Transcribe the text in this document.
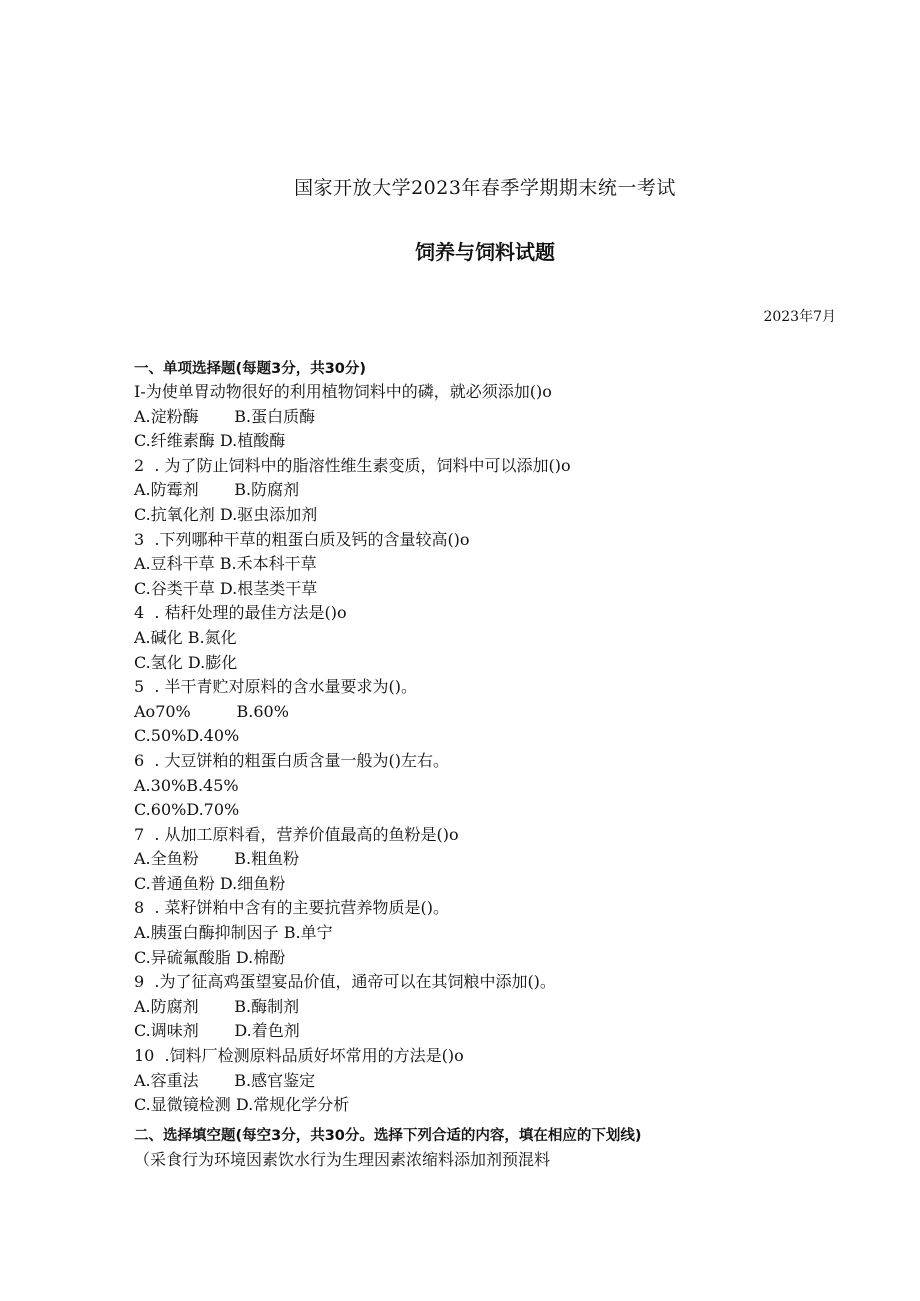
国家开放大学2023年春季学期期末统一考试
饲养与饲料试题
2023年7月
一、单项选择题(每题3分，共30分)
I-为使单胃动物很好的利用植物饲料中的磷，就必须添加()o
A.淀粉酶       B.蛋白质酶
C.纤维素酶 D.植酸酶
2  . 为了防止饲料中的脂溶性维生素变质，饲料中可以添加()o
A.防霉剂       B.防腐剂
C.抗氧化剂 D.驱虫添加剂
3  .下列哪种干草的粗蛋白质及钙的含量较高()o
A.豆科干草 B.禾本科干草
C.谷类干草 D.根茎类干草
4  . 秸秆处理的最佳方法是()o
A.碱化 B.氮化
C.氢化 D.膨化
5  . 半干青贮对原料的含水量要求为()。
Ao70%         B.60%
C.50%D.40%
6  . 大豆饼粕的粗蛋白质含量一般为()左右。
A.30%B.45%
C.60%D.70%
7  . 从加工原料看，营养价值最高的鱼粉是()o
A.全鱼粉       B.粗鱼粉
C.普通鱼粉 D.细鱼粉
8  . 菜籽饼粕中含有的主要抗营养物质是()。
A.胰蛋白酶抑制因子 B.单宁
C.异硫氟酸脂 D.棉酚
9  .为了征高鸡蛋望宴品价值，通帝可以在其饲粮中添加()。
A.防腐剂       B.酶制剂
C.调味剂       D.着色剂
10  .饲料厂检测原料品质好坏常用的方法是()o
A.容重法       B.感官鉴定
C.显微镜检测 D.常规化学分析
二、选择填空题(每空3分，共30分。选择下列合适的内容，填在相应的下划线)
（采食行为环境因素饮水行为生理因素浓缩料添加剂预混料
